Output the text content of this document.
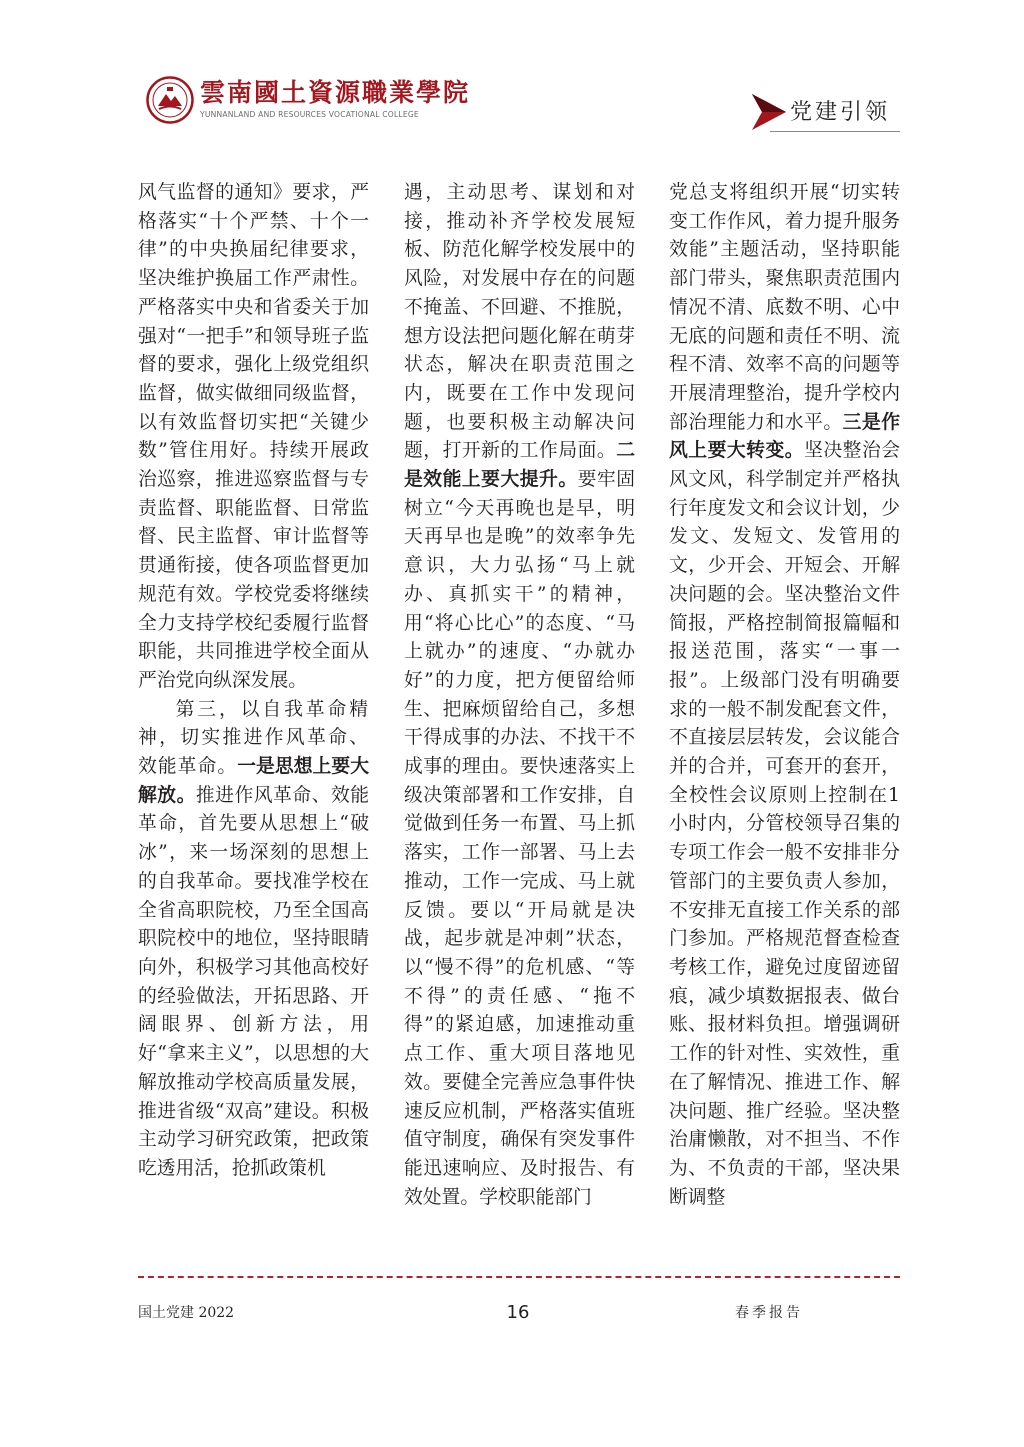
雲南國土資源職業學院
YUNNANLAND AND RESOURCES VOCATIONAL COLLEGE	党建引领

风气监督的通知》要求，严格落实“十个严禁、十个一律”的中央换届纪律要求，坚决维护换届工作严肃性。严格落实中央和省委关于加强对“一把手”和领导班子监督的要求，强化上级党组织监督，做实做细同级监督，以有效监督切实把“关键少数”管住用好。持续开展政治巡察，推进巡察监督与专责监督、职能监督、日常监督、民主监督、审计监督等贯通衔接，使各项监督更加规范有效。学校党委将继续全力支持学校纪委履行监督职能，共同推进学校全面从严治党向纵深发展。

第三，以自我革命精神，切实推进作风革命、效能革命。一是思想上要大解放。推进作风革命、效能革命，首先要从思想上“破冰”，来一场深刻的思想上的自我革命。要找准学校在全省高职院校，乃至全国高职院校中的地位，坚持眼睛向外，积极学习其他高校好的经验做法，开拓思路、开阔眼界、创新方法，用好“拿来主义”，以思想的大解放推动学校高质量发展，推进省级“双高”建设。积极主动学习研究政策，把政策吃透用活，抢抓政策机

遇，主动思考、谋划和对接，推动补齐学校发展短板、防范化解学校发展中的风险，对发展中存在的问题不掩盖、不回避、不推脱，想方设法把问题化解在萌芽状态，解决在职责范围之内，既要在工作中发现问题，也要积极主动解决问题，打开新的工作局面。二是效能上要大提升。要牢固树立“今天再晚也是早，明天再早也是晚”的效率争先意识，大力弘扬“马上就办、真抓实干”的精神，用“将心比心”的态度、“马上就办”的速度、“办就办好”的力度，把方便留给师生、把麻烦留给自己，多想干得成事的办法、不找干不成事的理由。要快速落实上级决策部署和工作安排，自觉做到任务一布置、马上抓落实，工作一部署、马上去推动，工作一完成、马上就反馈。要以“开局就是决战，起步就是冲刺”状态，以“慢不得”的危机感、“等不得”的责任感、“拖不得”的紧迫感，加速推动重点工作、重大项目落地见效。要健全完善应急事件快速反应机制，严格落实值班值守制度，确保有突发事件能迅速响应、及时报告、有效处置。学校职能部门

党总支将组织开展“切实转变工作作风，着力提升服务效能”主题活动，坚持职能部门带头，聚焦职责范围内情况不清、底数不明、心中无底的问题和责任不明、流程不清、效率不高的问题等开展清理整治，提升学校内部治理能力和水平。三是作风上要大转变。坚决整治会风文风，科学制定并严格执行年度发文和会议计划，少发文、发短文、发管用的文，少开会、开短会、开解决问题的会。坚决整治文件简报，严格控制简报篇幅和报送范围，落实“一事一报”。上级部门没有明确要求的一般不制发配套文件，不直接层层转发，会议能合并的合并，可套开的套开，全校性会议原则上控制在1小时内，分管校领导召集的专项工作会一般不安排非分管部门的主要负责人参加，不安排无直接工作关系的部门参加。严格规范督查检查考核工作，避免过度留迹留痕，减少填数据报表、做台账、报材料负担。增强调研工作的针对性、实效性，重在了解情况、推进工作、解决问题、推广经验。坚决整治庸懒散，对不担当、不作为、不负责的干部，坚决果断调整

国土党建 2022	16	春季报告
